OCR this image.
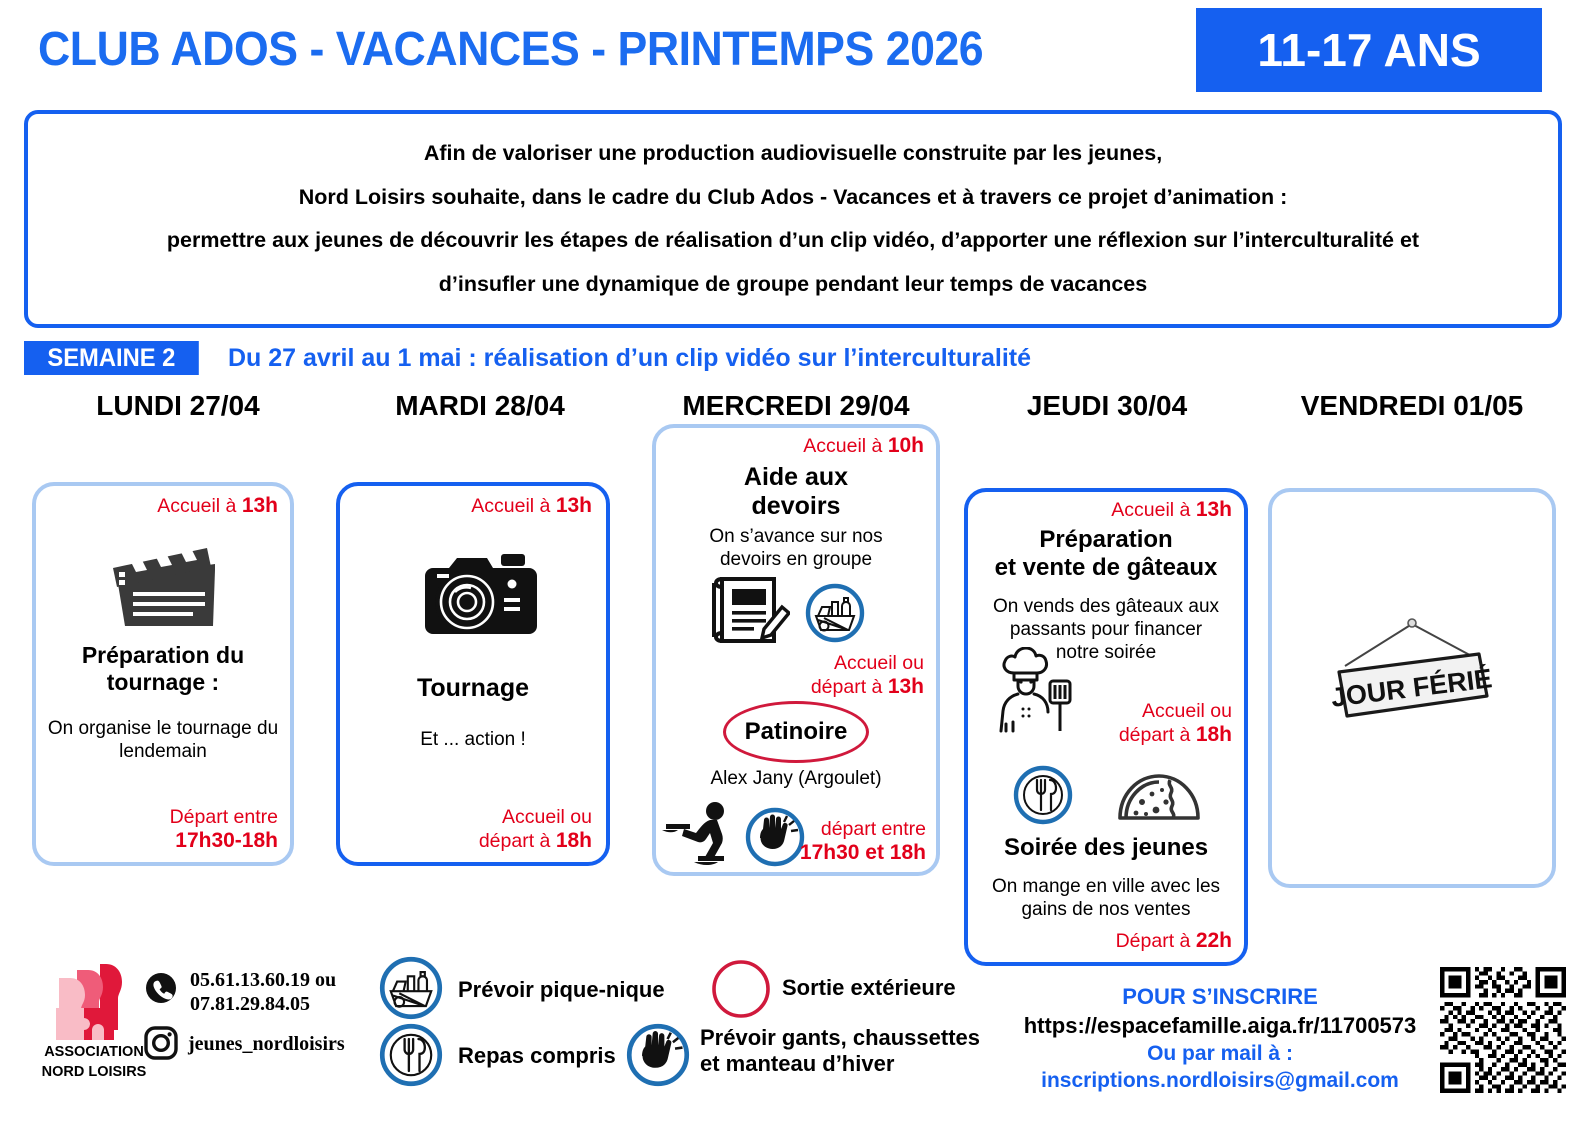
CLUB ADOS - VACANCES - PRINTEMPS 2026	11-17 ANS
Afin de valoriser une production audiovisuelle construite par les jeunes,
Nord Loisirs souhaite, dans le cadre du Club Ados - Vacances et à travers ce projet d’animation :
permettre aux jeunes de découvrir les étapes de réalisation d’un clip vidéo, d’apporter une réflexion sur l’interculturalité et
d’insufler une dynamique de groupe pendant leur temps de vacances
SEMAINE 2	Du 27 avril au 1 mai : réalisation d’un clip vidéo sur l’interculturalité
LUNDI 27/04	MARDI 28/04	MERCREDI 29/04	JEUDI 30/04	VENDREDI 01/05
Accueil à 13h
Préparation du
tournage :
On organise le tournage du
lendemain
Départ entre
17h30-18h
Accueil à 13h
Tournage
Et ... action !
Accueil ou
départ à 18h
Accueil à 10h
Aide aux
devoirs
On s’avance sur nos
devoirs en groupe
Accueil ou
départ à 13h
Patinoire
Alex Jany (Argoulet)
départ entre
17h30 et 18h
Accueil à 13h
Préparation
et vente de gâteaux
On vends des gâteaux aux
passants pour financer
notre soirée
Accueil ou
départ à 18h
Soirée des jeunes
On mange en ville avec les
gains de nos ventes
Départ à 22h
JOUR FÉRIÉ
ASSOCIATION
NORD LOISIRS
05.61.13.60.19 ou
07.81.29.84.05
jeunes_nordloisirs
Prévoir pique-nique
Repas compris
Sortie extérieure
Prévoir gants, chaussettes
et manteau d’hiver
POUR S’INSCRIRE
https://espacefamille.aiga.fr/11700573
Ou par mail à :
inscriptions.nordloisirs@gmail.com
